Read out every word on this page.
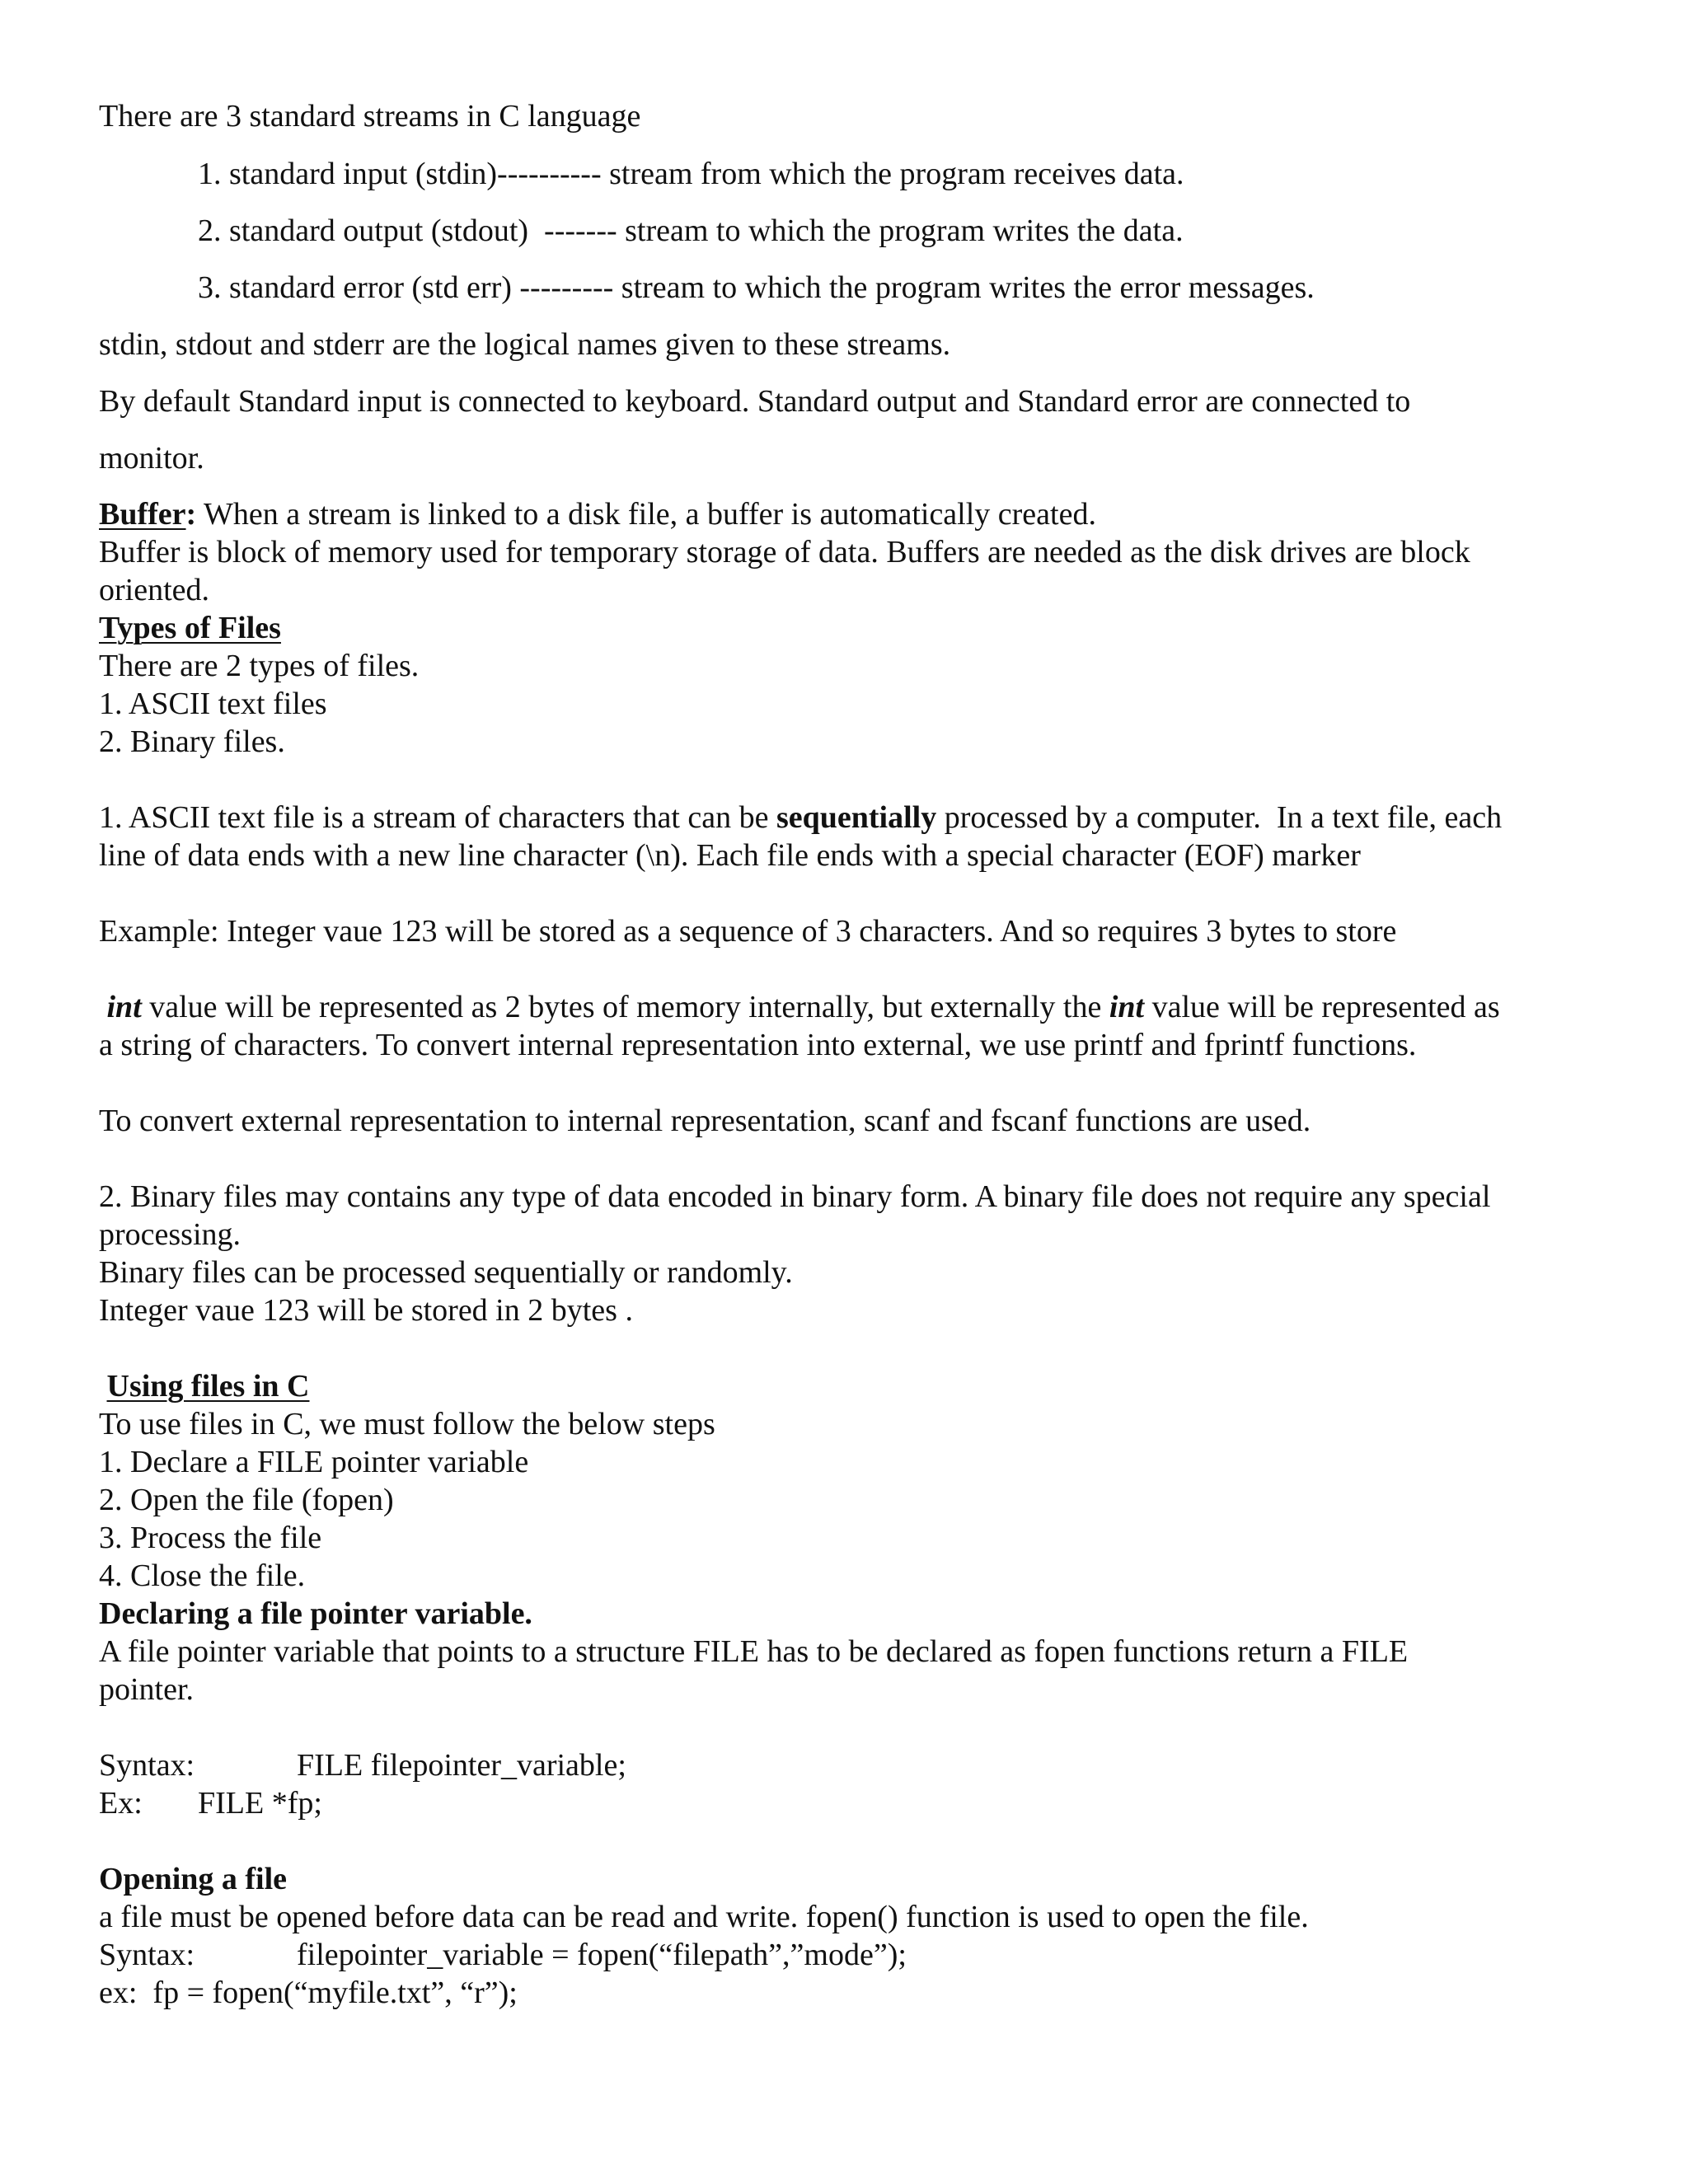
There are 3 standard streams in C language

1. standard input (stdin)---------- stream from which the program receives data.

2. standard output (stdout)  ------- stream to which the program writes the data.

3. standard error (std err) --------- stream to which the program writes the error messages.

stdin, stdout and stderr are the logical names given to these streams.

By default Standard input is connected to keyboard. Standard output and Standard error are connected to

monitor.

Buffer: When a stream is linked to a disk file, a buffer is automatically created.

Buffer is block of memory used for temporary storage of data. Buffers are needed as the disk drives are block

oriented.

Types of Files

There are 2 types of files.

1. ASCII text files

2. Binary files.

1. ASCII text file is a stream of characters that can be sequentially processed by a computer.  In a text file, each

line of data ends with a new line character (\n). Each file ends with a special character (EOF) marker

Example: Integer vaue 123 will be stored as a sequence of 3 characters. And so requires 3 bytes to store

int value will be represented as 2 bytes of memory internally, but externally the int value will be represented as

a string of characters. To convert internal representation into external, we use printf and fprintf functions.

To convert external representation to internal representation, scanf and fscanf functions are used.

2. Binary files may contains any type of data encoded in binary form. A binary file does not require any special

processing.

Binary files can be processed sequentially or randomly.

Integer vaue 123 will be stored in 2 bytes .

Using files in C

To use files in C, we must follow the below steps

1. Declare a FILE pointer variable

2. Open the file (fopen)

3. Process the file

4. Close the file.

Declaring a file pointer variable.

A file pointer variable that points to a structure FILE has to be declared as fopen functions return a FILE

pointer.

Syntax:	FILE filepointer_variable;

Ex: FILE *fp;

Opening a file

a file must be opened before data can be read and write. fopen() function is used to open the file.

Syntax:	filepointer_variable = fopen(“filepath”,”mode”);

ex:  fp = fopen(“myfile.txt”, “r”);
